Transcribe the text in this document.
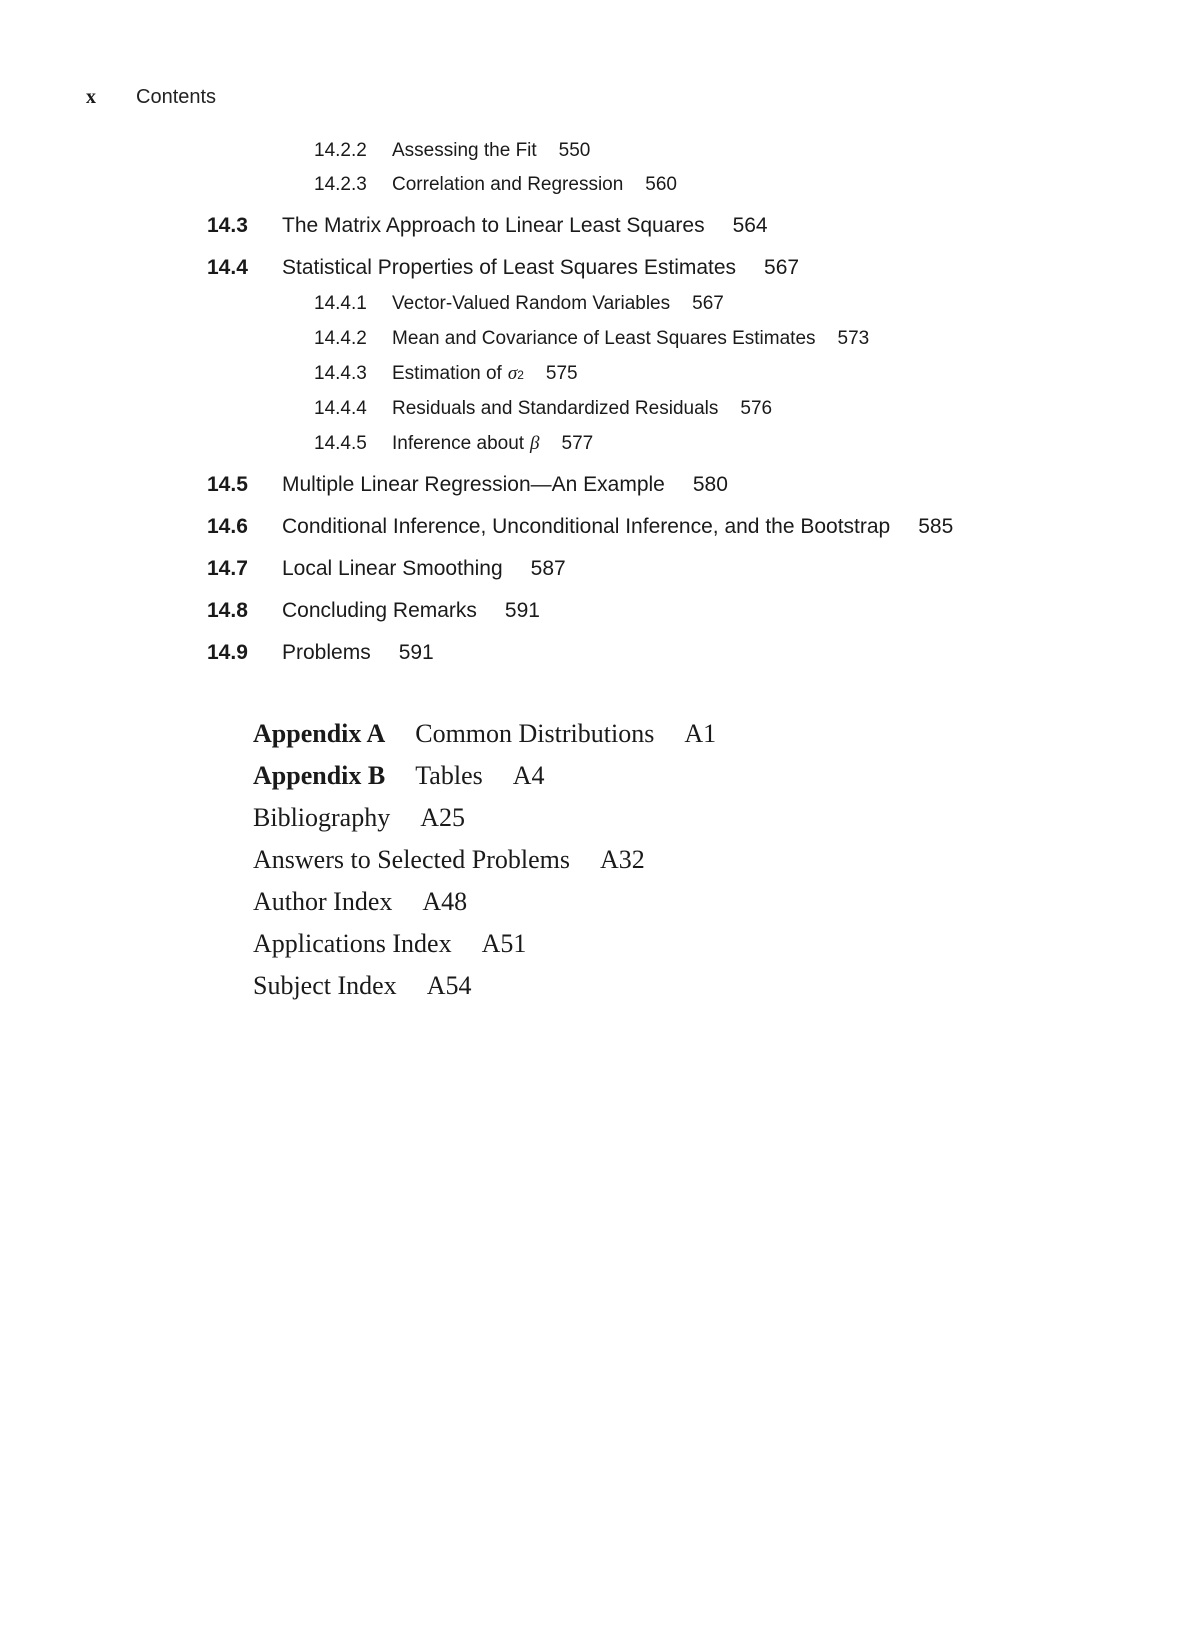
x	Contents
14.2.2	Assessing the Fit 550
14.2.3	Correlation and Regression 560
14.3	The Matrix Approach to Linear Least Squares 564
14.4	Statistical Properties of Least Squares Estimates 567
14.4.1	Vector-Valued Random Variables 567
14.4.2	Mean and Covariance of Least Squares Estimates 573
14.4.3	Estimation of σ 2 575
14.4.4	Residuals and Standardized Residuals 576
14.4.5	Inference about β 577
14.5	Multiple Linear Regression—An Example 580
14.6	Conditional Inference, Unconditional Inference, and the Bootstrap 585
14.7	Local Linear Smoothing 587
14.8	Concluding Remarks 591
14.9	Problems 591
Appendix A Common Distributions A1
Appendix B Tables A4
Bibliography A25
Answers to Selected Problems A32
Author Index A48
Applications Index A51
Subject Index A54
